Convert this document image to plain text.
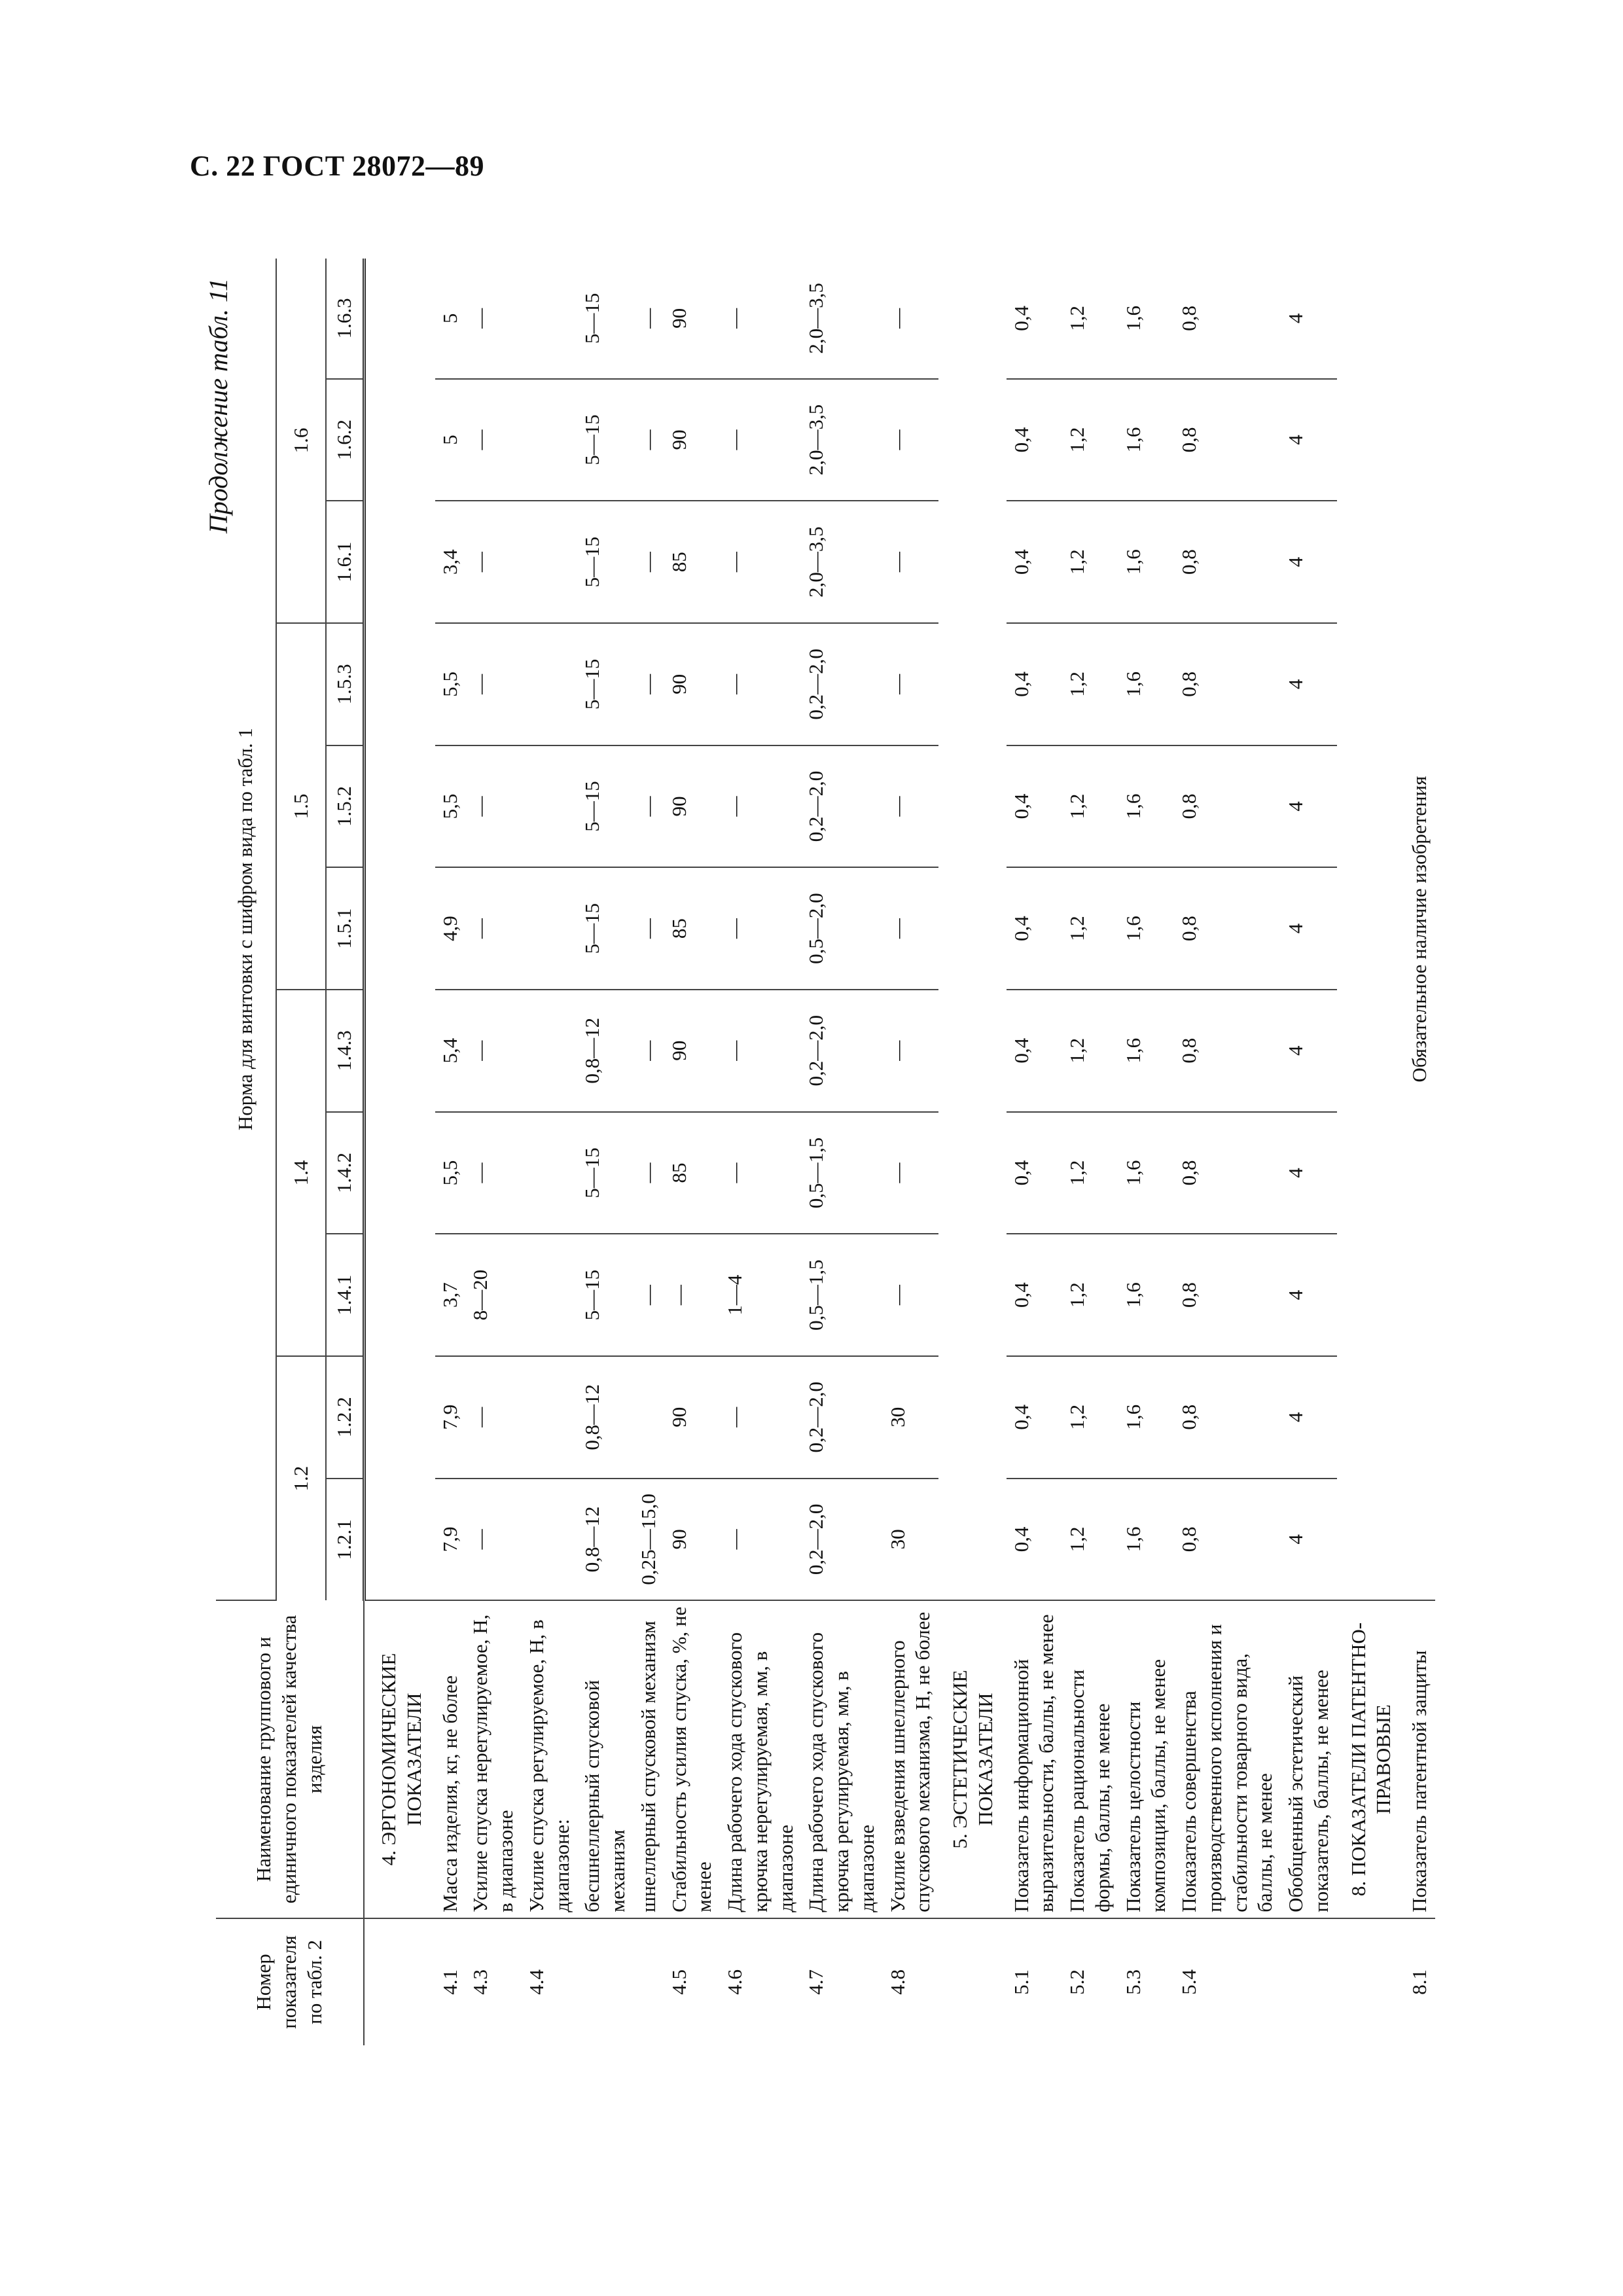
С. 22 ГОСТ 28072—89
Продолжение табл. 11
Номер показателя по табл. 2	Наименование группового и единичного показателей качества изделия	Норма для винтовки с шифром вида по табл. 1										
		1.2		1.4			1.5			1.6		
		1.2.1	1.2.2	1.4.1	1.4.2	1.4.3	1.5.1	1.5.2	1.5.3	1.6.1	1.6.2	1.6.3
	4. ЭРГОНОМИЧЕСКИЕ ПОКАЗАТЕЛИ											
4.1	Масса изделия, кг, не более	7,9	7,9	3,7	5,5	5,4	4,9	5,5	5,5	3,4	5	5
4.3	Усилие спуска нерегулируемое, Н, в диапазоне	—	—	8—20	—	—	—	—	—	—	—	—
4.4	Усилие спуска регулируемое, Н, в диапазоне:											
	бесшнеллерный спусковой механизм	0,8—12	0,8—12	5—15	5—15	0,8—12	5—15	5—15	5—15	5—15	5—15	5—15
	шнеллерный спусковой механизм	0,25—15,0		—	—	—	—	—	—	—	—	—
4.5	Стабильность усилия спуска, %, не менее	90	90	—	85	90	85	90	90	85	90	90
4.6	Длина рабочего хода спускового крючка нерегулируемая, мм, в диапазоне	—	—	1—4	—	—	—	—	—	—	—	—
4.7	Длина рабочего хода спускового крючка регулируемая, мм, в диапазоне	0,2—2,0	0,2—2,0	0,5—1,5	0,5—1,5	0,2—2,0	0,5—2,0	0,2—2,0	0,2—2,0	2,0—3,5	2,0—3,5	2,0—3,5
4.8	Усилие взведения шнеллерного спускового механизма, Н, не более	30	30	—	—	—	—	—	—	—	—	—
	5. ЭСТЕТИЧЕСКИЕ ПОКАЗАТЕЛИ											
5.1	Показатель информационной выразительности, баллы, не менее	0,4	0,4	0,4	0,4	0,4	0,4	0,4	0,4	0,4	0,4	0,4
5.2	Показатель рациональности формы, баллы, не менее	1,2	1,2	1,2	1,2	1,2	1,2	1,2	1,2	1,2	1,2	1,2
5.3	Показатель целостности композиции, баллы, не менее	1,6	1,6	1,6	1,6	1,6	1,6	1,6	1,6	1,6	1,6	1,6
5.4	Показатель совершенства производственного исполнения и стабильности товарного вида, баллы, не менее	0,8	0,8	0,8	0,8	0,8	0,8	0,8	0,8	0,8	0,8	0,8
	Обобщенный эстетический показатель, баллы, не менее	4	4	4	4	4	4	4	4	4	4	4
	8. ПОКАЗАТЕЛИ ПАТЕНТНО-ПРАВОВЫЕ											
8.1	Показатель патентной защиты	Обязательное наличие изобретения										
